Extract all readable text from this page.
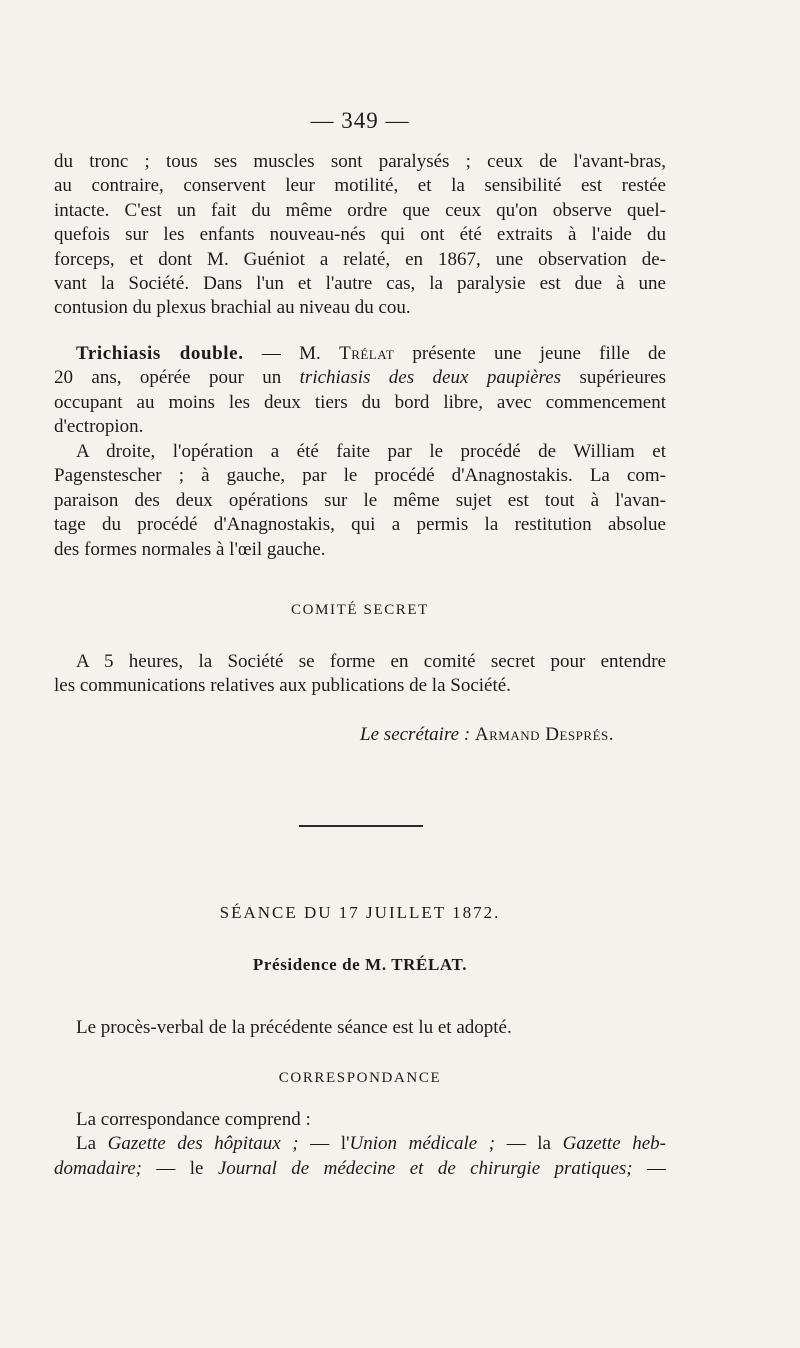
— 349 —

du tronc ; tous ses muscles sont paralysés ; ceux de l'avant-bras,
au contraire, conservent leur motilité, et la sensibilité est restée
intacte. C'est un fait du même ordre que ceux qu'on observe quel-
quefois sur les enfants nouveau-nés qui ont été extraits à l'aide du
forceps, et dont M. Guéniot a relaté, en 1867, une observation de-
vant la Société. Dans l'un et l'autre cas, la paralysie est due à une
contusion du plexus brachial au niveau du cou.

Trichiasis double. — M. Trélat présente une jeune fille de
20 ans, opérée pour un trichiasis des deux paupières supérieures
occupant au moins les deux tiers du bord libre, avec commencement
d'ectropion.

A droite, l'opération a été faite par le procédé de William et
Pagenstescher ; à gauche, par le procédé d'Anagnostakis. La com-
paraison des deux opérations sur le même sujet est tout à l'avan-
tage du procédé d'Anagnostakis, qui a permis la restitution absolue
des formes normales à l'œil gauche.

COMITÉ SECRET

A 5 heures, la Société se forme en comité secret pour entendre
les communications relatives aux publications de la Société.

Le secrétaire : Armand Després.
SÉANCE DU 17 JUILLET 1872.
Présidence de M. TRÉLAT.

Le procès-verbal de la précédente séance est lu et adopté.

CORRESPONDANCE

La correspondance comprend :
La Gazette des hôpitaux ; — l'Union médicale ; — la Gazette heb-
domadaire; — le Journal de médecine et de chirurgie pratiques; —
